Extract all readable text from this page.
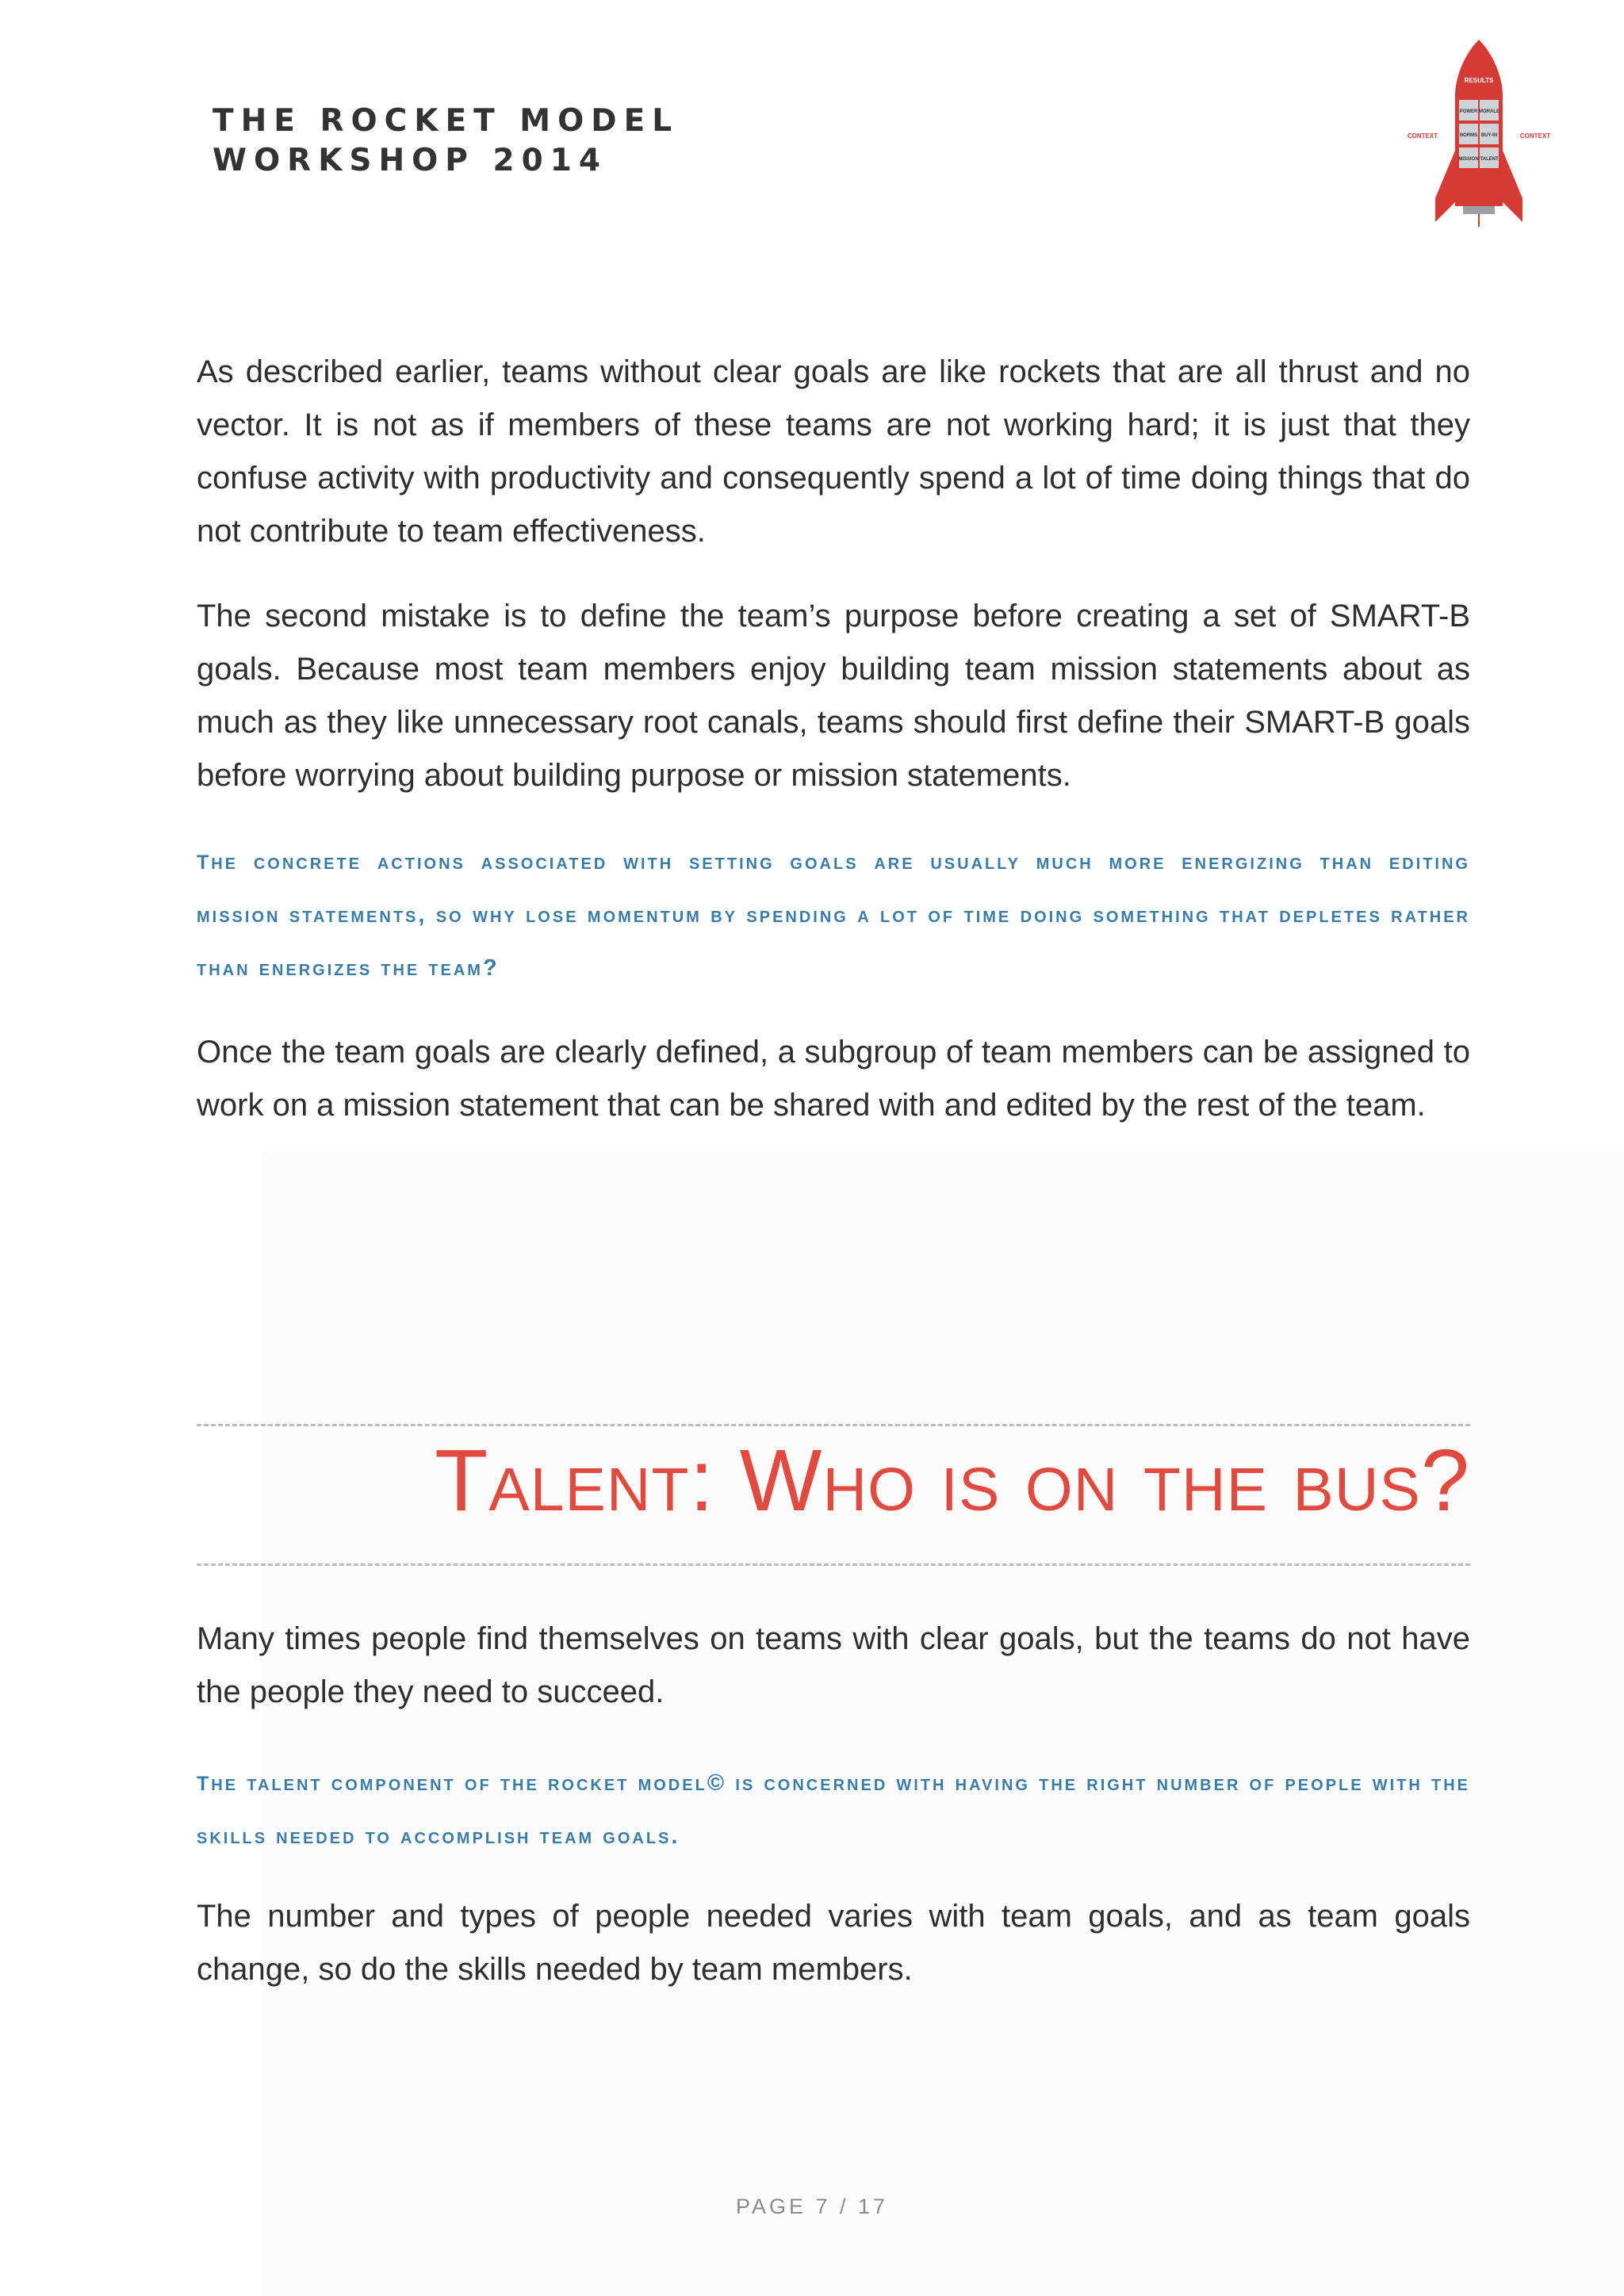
THE ROCKET MODEL
WORKSHOP 2014
RESULTS
POWER MORALE
NORMS BUY-IN
MISSION TALENT
CONTEXT	CONTEXT

As described earlier, teams without clear goals are like rockets that are all thrust and no vector. It is not as if members of these teams are not working hard; it is just that they confuse activity with productivity and consequently spend a lot of time doing things that do not contribute to team effectiveness.

The second mistake is to define the team’s purpose before creating a set of SMART-B goals. Because most team members enjoy building team mission statements about as much as they like unnecessary root canals, teams should first define their SMART-B goals before worrying about building purpose or mission statements.

the concrete actions associated with setting goals are usually much more energizing than editing mission statements, so why lose momentum by spending a lot of time doing something that depletes rather than energizes the team?

Once the team goals are clearly defined, a subgroup of team members can be assigned to work on a mission statement that can be shared with and edited by the rest of the team.

Talent: Who is on the bus?

Many times people find themselves on teams with clear goals, but the teams do not have the people they need to succeed.

the talent component of the rocket model© is concerned with having the right number of people with the skills needed to accomplish team goals.

The number and types of people needed varies with team goals, and as team goals change, so do the skills needed by team members.

PAGE 7 / 17
